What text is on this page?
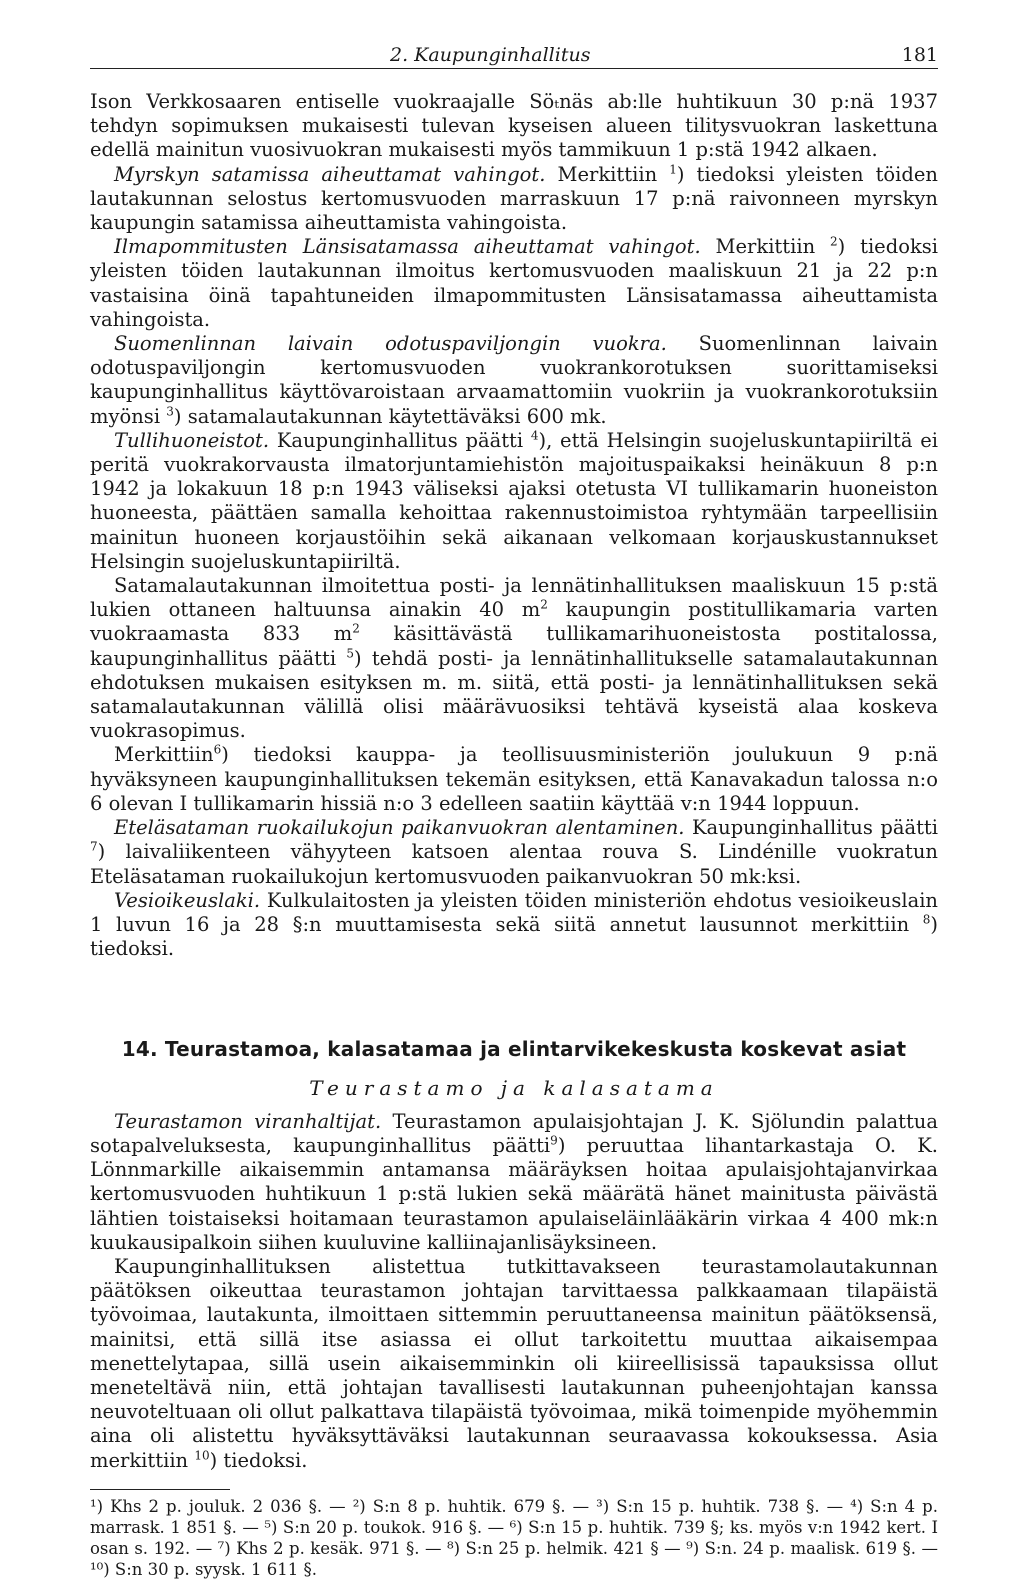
2. Kaupunginhallitus	181

Ison Verkkosaaren entiselle vuokraajalle Söₜnäs ab:lle huhtikuun 30 p:nä 1937 tehdyn sopimuksen mukaisesti tulevan kyseisen alueen tilitysvuokran laskettuna edellä mainitun vuosivuokran mukaisesti myös tammikuun 1 p:stä 1942 alkaen.

Myrskyn satamissa aiheuttamat vahingot. Merkittiin $^1$) tiedoksi yleisten töiden lautakunnan selostus kertomusvuoden marraskuun 17 p:nä raivonneen myrskyn kaupungin satamissa aiheuttamista vahingoista.

Ilmapommitusten Länsisatamassa aiheuttamat vahingot. Merkittiin $^2$) tiedoksi yleisten töiden lautakunnan ilmoitus kertomusvuoden maaliskuun 21 ja 22 p:n vastaisina öinä tapahtuneiden ilmapommitusten Länsisatamassa aiheuttamista vahingoista.

Suomenlinnan laivain odotuspaviljongin vuokra. Suomenlinnan laivain odotuspaviljongin kertomusvuoden vuokrankorotuksen suorittamiseksi kaupunginhallitus käyttövaroistaan arvaamattomiin vuokriin ja vuokrankorotuksiin myönsi $^3$) satamalautakunnan käytettäväksi 600 mk.

Tullihuoneistot. Kaupunginhallitus päätti $^4$), että Helsingin suojeluskuntapiiriltä ei peritä vuokrakorvausta ilmatorjuntamiehistön majoituspaikaksi heinäkuun 8 p:n 1942 ja lokakuun 18 p:n 1943 väliseksi ajaksi otetusta VI tullikamarin huoneiston huoneesta, päättäen samalla kehoittaa rakennustoimistoa ryhtymään tarpeellisiin mainitun huoneen korjaustöihin sekä aikanaan velkomaan korjauskustannukset Helsingin suojeluskuntapiiriltä.

Satamalautakunnan ilmoitettua posti- ja lennätinhallituksen maaliskuun 15 p:stä lukien ottaneen haltuunsa ainakin 40 $m^2$ kaupungin postitullikamaria varten vuokraamasta 833 $m^2$ käsittävästä tullikamarihuoneistosta postitalossa, kaupunginhallitus päätti $^5$) tehdä posti- ja lennätinhallitukselle satamalautakunnan ehdotuksen mukaisen esityksen m. m. siitä, että posti- ja lennätinhallituksen sekä satamalautakunnan välillä olisi määrävuosiksi tehtävä kyseistä alaa koskeva vuokrasopimus.

Merkittiin$^6$) tiedoksi kauppa- ja teollisuusministeriön joulukuun 9 p:nä hyväksyneen kaupunginhallituksen tekemän esityksen, että Kanavakadun talossa n:o 6 olevan I tullikamarin hissiä n:o 3 edelleen saatiin käyttää v:n 1944 loppuun.

Eteläsataman ruokailukojun paikanvuokran alentaminen. Kaupunginhallitus päätti $^7$) laivaliikenteen vähyyteen katsoen alentaa rouva S. Lindénille vuokratun Eteläsataman ruokailukojun kertomusvuoden paikanvuokran 50 mk:ksi.

Vesioikeuslaki. Kulkulaitosten ja yleisten töiden ministeriön ehdotus vesioikeuslain 1 luvun 16 ja 28 §:n muuttamisesta sekä siitä annetut lausunnot merkittiin $^8$) tiedoksi.

14. Teurastamoa, kalasatamaa ja elintarvikekeskusta koskevat asiat
Teurastamo ja kalasatama

Teurastamon viranhaltijat. Teurastamon apulaisjohtajan J. K. Sjölundin palattua sotapalveluksesta, kaupunginhallitus päätti$^9$) peruuttaa lihantarkastaja O. K. Lönnmarkille aikaisemmin antamansa määräyksen hoitaa apulaisjohtajanvirkaa kertomusvuoden huhtikuun 1 p:stä lukien sekä määrätä hänet mainitusta päivästä lähtien toistaiseksi hoitamaan teurastamon apulaiseläinlääkärin virkaa 4 400 mk:n kuukausipalkoin siihen kuuluvine kalliinajanlisäyksineen.

Kaupunginhallituksen alistettua tutkittavakseen teurastamolautakunnan päätöksen oikeuttaa teurastamon johtajan tarvittaessa palkkaamaan tilapäistä työvoimaa, lautakunta, ilmoittaen sittemmin peruuttaneensa mainitun päätöksensä, mainitsi, että sillä itse asiassa ei ollut tarkoitettu muuttaa aikaisempaa menettelytapaa, sillä usein aikaisemminkin oli kiireellisissä tapauksissa ollut meneteltävä niin, että johtajan tavallisesti lautakunnan puheenjohtajan kanssa neuvoteltuaan oli ollut palkattava tilapäistä työvoimaa, mikä toimenpide myöhemmin aina oli alistettu hyväksyttäväksi lautakunnan seuraavassa kokouksessa. Asia merkittiin $^{10}$) tiedoksi.

¹) Khs 2 p. jouluk. 2 036 §. — ²) S:n 8 p. huhtik. 679 §. — ³) S:n 15 p. huhtik. 738 §. — ⁴) S:n 4 p. marrask. 1 851 §. — ⁵) S:n 20 p. toukok. 916 §. — ⁶) S:n 15 p. huhtik. 739 §; ks. myös v:n 1942 kert. I osan s. 192. — ⁷) Khs 2 p. kesäk. 971 §. — ⁸) S:n 25 p. helmik. 421 § — ⁹) S:n. 24 p. maalisk. 619 §. — ¹⁰) S:n 30 p. syysk. 1 611 §.
